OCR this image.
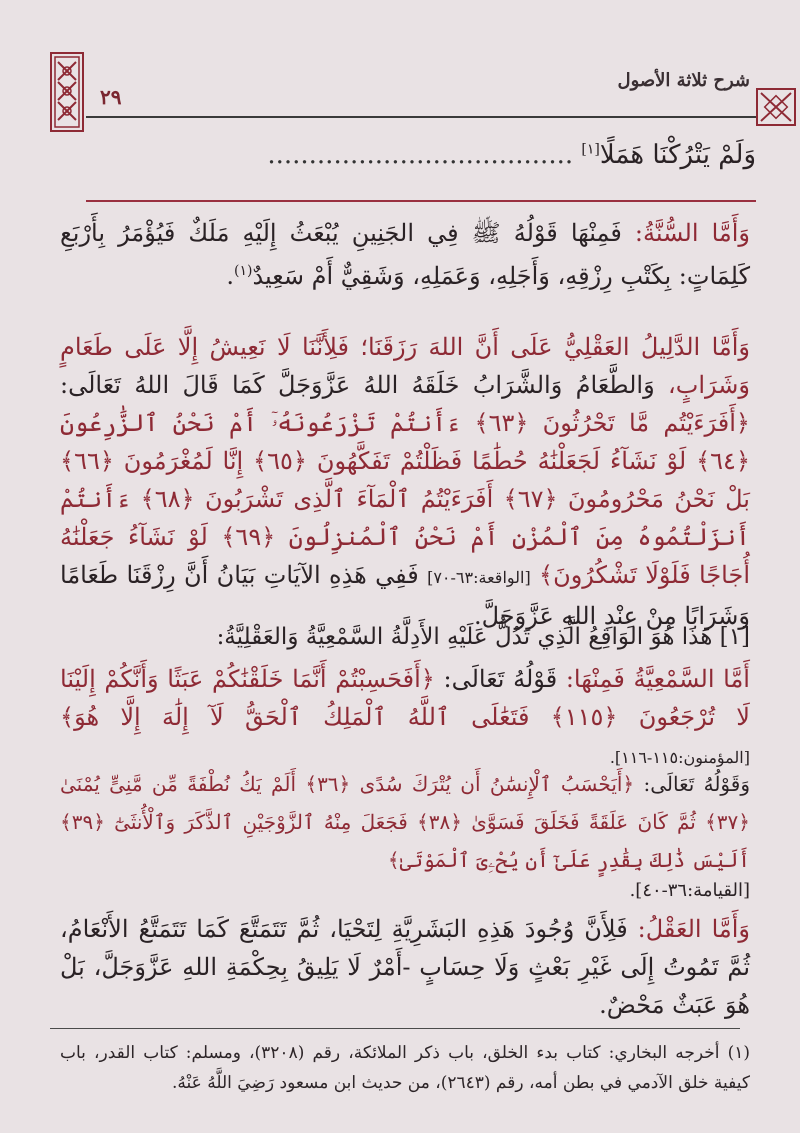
شرح ثلاثة الأصول
٢٩
وَلَمْ يَتْرُكْنَا هَمَلًا[١] .....................................
وَأَمَّا السُّنَّةُ: فَمِنْهَا قَوْلُهُ ﷺ فِي الجَنِينِ يُبْعَثُ إِلَيْهِ مَلَكٌ فَيُؤْمَرُ بِأَرْبَعِ كَلِمَاتٍ: بِكَتْبِ رِزْقِهِ، وَأَجَلِهِ، وَعَمَلِهِ، وَشَقِيٌّ أَمْ سَعِيدٌ$^{(١)}$.
وَأَمَّا الدَّلِيلُ العَقْلِيُّ عَلَى أَنَّ اللهَ رَزَقَنَا؛ فَلِأَنَّنَا لَا نَعِيشُ إِلَّا عَلَى طَعَامٍ وَشَرَابٍ، وَالطَّعَامُ وَالشَّرَابُ خَلَقَهُ اللهُ عَزَّوَجَلَّ كَمَا قَالَ اللهُ تَعَالَى: ﴿أَفَرَءَيْتُم مَّا تَحْرُثُونَ ﴿٦٣﴾ ءَأَنتُمْ تَزْرَعُونَهُۥٓ أَمْ نَحْنُ ٱلزَّٰرِعُونَ ﴿٦٤﴾ لَوْ نَشَآءُ لَجَعَلْنَٰهُ حُطَٰمًا فَظَلْتُمْ تَفَكَّهُونَ ﴿٦٥﴾ إِنَّا لَمُغْرَمُونَ ﴿٦٦﴾ بَلْ نَحْنُ مَحْرُومُونَ ﴿٦٧﴾ أَفَرَءَيْتُمُ ٱلْمَآءَ ٱلَّذِى تَشْرَبُونَ ﴿٦٨﴾ ءَأَنتُمْ أَنزَلْتُمُوهُ مِنَ ٱلْمُزْنِ أَمْ نَحْنُ ٱلْمُنزِلُونَ ﴿٦٩﴾ لَوْ نَشَآءُ جَعَلْنَٰهُ أُجَاجًا فَلَوْلَا تَشْكُرُونَ﴾ [الواقعة:٦٣-٧٠] فَفِي هَذِهِ الآيَاتِ بَيَانُ أَنَّ رِزْقَنَا طَعَامًا وَشَرَابًا مِنْ عِنْدِ اللهِ عَزَّوَجَلَّ.
[١] هَذَا هُوَ الوَاقِعُ الَّذِي تَدُلُّ عَلَيْهِ الأَدِلَّةُ السَّمْعِيَّةُ وَالعَقْلِيَّةُ:
أَمَّا السَّمْعِيَّةُ فَمِنْهَا: قَوْلُهُ تَعَالَى: ﴿أَفَحَسِبْتُمْ أَنَّمَا خَلَقْنَٰكُمْ عَبَثًا وَأَنَّكُمْ إِلَيْنَا لَا تُرْجَعُونَ ﴿١١٥﴾ فَتَعَٰلَى ٱللَّهُ ٱلْمَلِكُ ٱلْحَقُّ لَآ إِلَٰهَ إِلَّا هُوَ﴾ [المؤمنون:١١٥-١١٦].
وَقَوْلُهُ تَعَالَى: ﴿أَيَحْسَبُ ٱلْإِنسَٰنُ أَن يُتْرَكَ سُدًى ﴿٣٦﴾ أَلَمْ يَكُ نُطْفَةً مِّن مَّنِىٍّ يُمْنَىٰ ﴿٣٧﴾ ثُمَّ كَانَ عَلَقَةً فَخَلَقَ فَسَوَّىٰ ﴿٣٨﴾ فَجَعَلَ مِنْهُ ٱلزَّوْجَيْنِ ٱلذَّكَرَ وَٱلْأُنثَىٰٓ ﴿٣٩﴾ أَلَيْسَ ذَٰلِكَ بِقَٰدِرٍ عَلَىٰٓ أَن يُحْۦِىَ ٱلْمَوْتَىٰ﴾
[القيامة:٣٦-٤٠].
وَأَمَّا العَقْلُ: فَلِأَنَّ وُجُودَ هَذِهِ البَشَرِيَّةِ لِتَحْيَا، ثُمَّ تَتَمَتَّعَ كَمَا تَتَمَتَّعُ الأَنْعَامُ، ثُمَّ تَمُوتُ إِلَى غَيْرِ بَعْثٍ وَلَا حِسَابٍ -أَمْرٌ لَا يَلِيقُ بِحِكْمَةِ اللهِ عَزَّوَجَلَّ، بَلْ هُوَ عَبَثٌ مَحْضٌ.
(١) أخرجه البخاري: كتاب بدء الخلق، باب ذكر الملائكة، رقم (٣٢٠٨)، ومسلم: كتاب القدر، باب كيفية خلق الآدمي في بطن أمه، رقم (٢٦٤٣)، من حديث ابن مسعود رَضِيَ اللَّهُ عَنْهُ.
